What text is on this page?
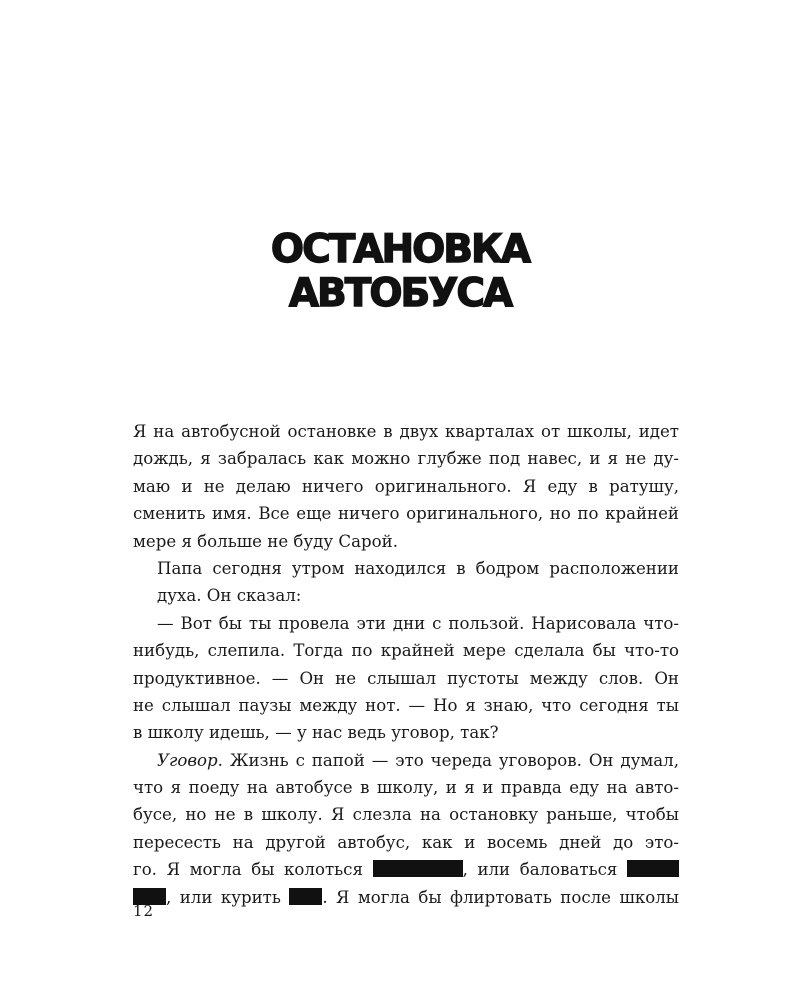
ОСТАНОВКА
АВТОБУСА
Я на автобусной остановке в двух кварталах от школы, идет
дождь, я забралась как можно глубже под навес, и я не ду-
маю и не делаю ничего оригинального. Я еду в ратушу,
сменить имя. Все еще ничего оригинального, но по крайней
мере я больше не буду Сарой.
Папа сегодня утром находился в бодром расположении
духа. Он сказал:
— Вот бы ты провела эти дни с пользой. Нарисовала что-
нибудь, слепила. Тогда по крайней мере сделала бы что-то
продуктивное. — Он не слышал пустоты между слов. Он
не слышал паузы между нот. — Но я знаю, что сегодня ты
в школу идешь, — у нас ведь уговор, так?
Уговор. Жизнь с папой — это череда уговоров. Он думал,
что я поеду на автобусе в школу, и я и правда еду на авто-
бусе, но не в школу. Я слезла на остановку раньше, чтобы
пересесть на другой автобус, как и восемь дней до это-
го. Я могла бы колоться	, или баловаться
, или курить . Я могла бы флиртовать после школы
12
